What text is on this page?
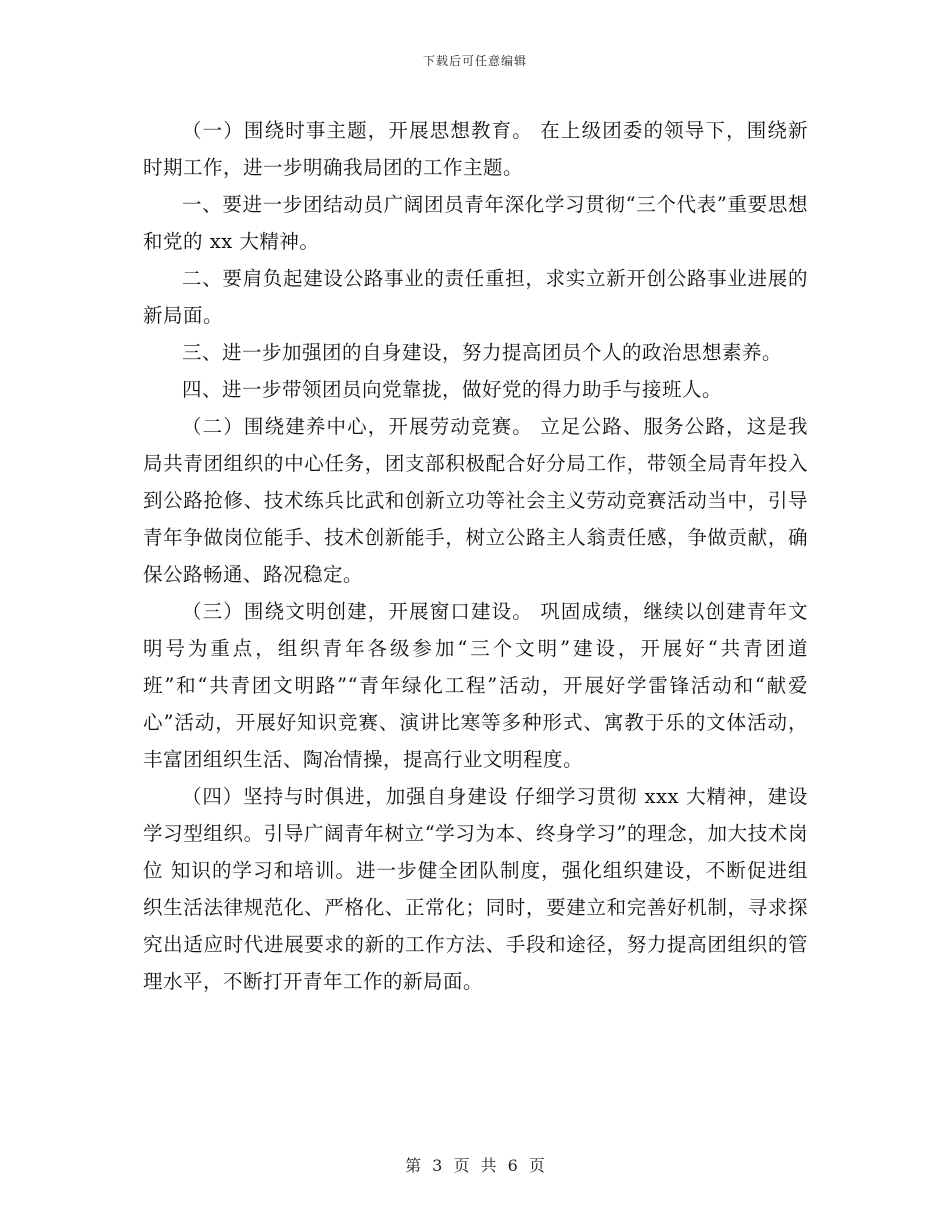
下载后可任意编辑

（一）围绕时事主题，开展思想教育。 在上级团委的领导下，围绕新时期工作，进一步明确我局团的工作主题。

一、要进一步团结动员广阔团员青年深化学习贯彻“三个代表”重要思想和党的 xx 大精神。

二、要肩负起建设公路事业的责任重担，求实立新开创公路事业进展的新局面。

三、进一步加强团的自身建设，努力提高团员个人的政治思想素养。

四、进一步带领团员向党靠拢，做好党的得力助手与接班人。

（二）围绕建养中心，开展劳动竞赛。 立足公路、服务公路，这是我局共青团组织的中心任务，团支部积极配合好分局工作，带领全局青年投入到公路抢修、技术练兵比武和创新立功等社会主义劳动竞赛活动当中，引导青年争做岗位能手、技术创新能手，树立公路主人翁责任感，争做贡献，确保公路畅通、路况稳定。

（三）围绕文明创建，开展窗口建设。 巩固成绩，继续以创建青年文明号为重点，组织青年各级参加“三个文明”建设，开展好“共青团道班”和“共青团文明路”“青年绿化工程”活动，开展好学雷锋活动和“献爱心”活动，开展好知识竞赛、演讲比寒等多种形式、寓教于乐的文体活动，丰富团组织生活、陶冶情操，提高行业文明程度。

（四）坚持与时俱进，加强自身建设 仔细学习贯彻 xxx 大精神，建设学习型组织。引导广阔青年树立“学习为本、终身学习”的理念，加大技术岗位 知识的学习和培训。进一步健全团队制度，强化组织建设，不断促进组织生活法律规范化、严格化、正常化；同时，要建立和完善好机制，寻求探究出适应时代进展要求的新的工作方法、手段和途径，努力提高团组织的管理水平，不断打开青年工作的新局面。

第 3 页 共 6 页
